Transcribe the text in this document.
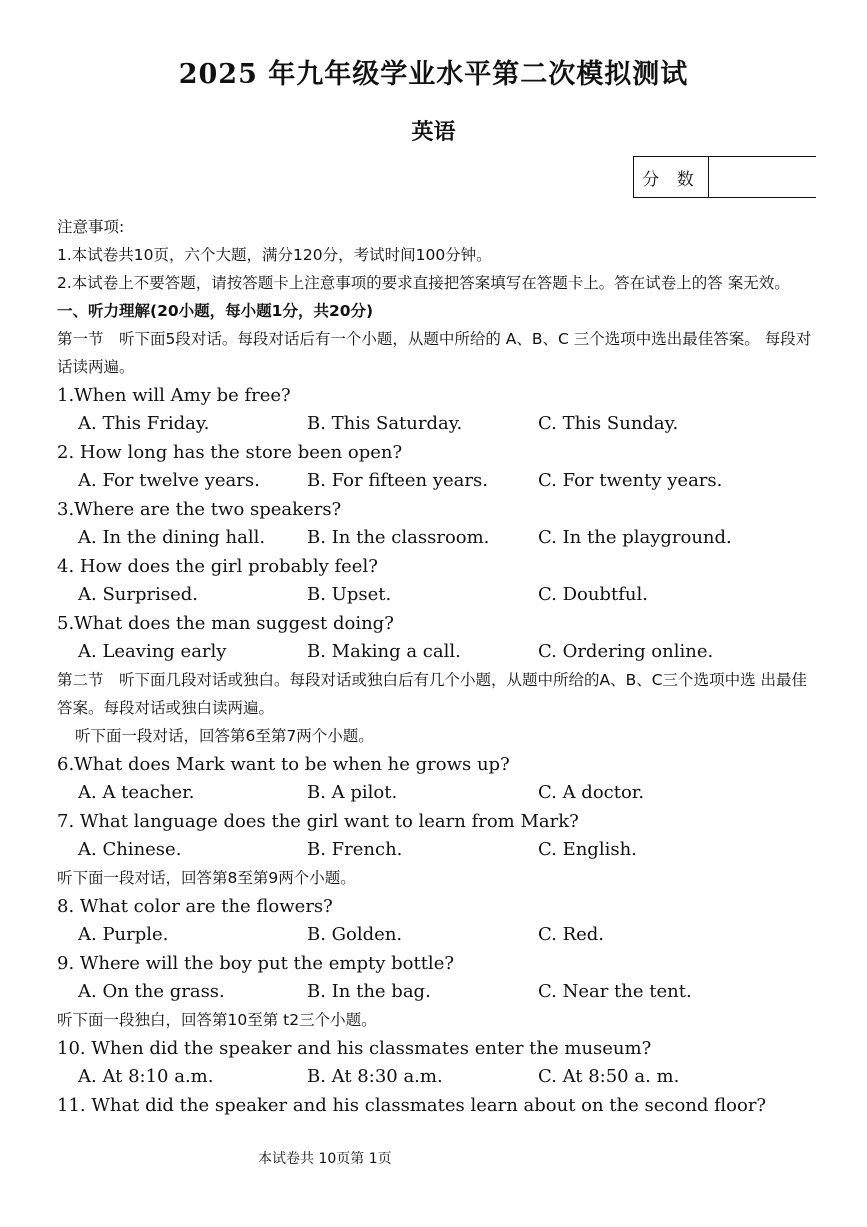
2025 年九年级学业水平第二次模拟测试
英语
分 数
注意事项:
1.本试卷共10页，六个大题，满分120分，考试时间100分钟。
2.本试卷上不要答题，请按答题卡上注意事项的要求直接把答案填写在答题卡上。答在试卷上的答 案无效。
一、听力理解(20小题，每小题1分，共20分)
第一节　听下面5段对话。每段对话后有一个小题，从题中所给的 A、B、C 三个选项中选出最佳答案。 每段对话读两遍。
1.When will Amy be free?
A. This Friday.	B. This Saturday.	C. This Sunday.
2. How long has the store been open?
A. For twelve years.	B. For fifteen years.	C. For twenty years.
3.Where are the two speakers?
A. In the dining hall.	B. In the classroom.	C. In the playground.
4. How does the girl probably feel?
A. Surprised.	B. Upset.	C. Doubtful.
5.What does the man suggest doing?
A. Leaving early	B. Making a call.	C. Ordering online.
第二节　听下面几段对话或独白。每段对话或独白后有几个小题，从题中所给的A、B、C三个选项中选 出最佳答案。每段对话或独白读两遍。
听下面一段对话，回答第6至第7两个小题。
6.What does Mark want to be when he grows up?
A. A teacher.	B. A pilot.	C. A doctor.
7. What language does the girl want to learn from Mark?
A. Chinese.	B. French.	C. English.
听下面一段对话，回答第8至第9两个小题。
8. What color are the flowers?
A. Purple.	B. Golden.	C. Red.
9. Where will the boy put the empty bottle?
A. On the grass.	B. In the bag.	C. Near the tent.
听下面一段独白，回答第10至第 t2三个小题。
10. When did the speaker and his classmates enter the museum?
A. At 8:10 a.m.	B. At 8:30 a.m.	C. At 8:50 a. m.
11. What did the speaker and his classmates learn about on the second floor?
本试卷共 10页第 1页
